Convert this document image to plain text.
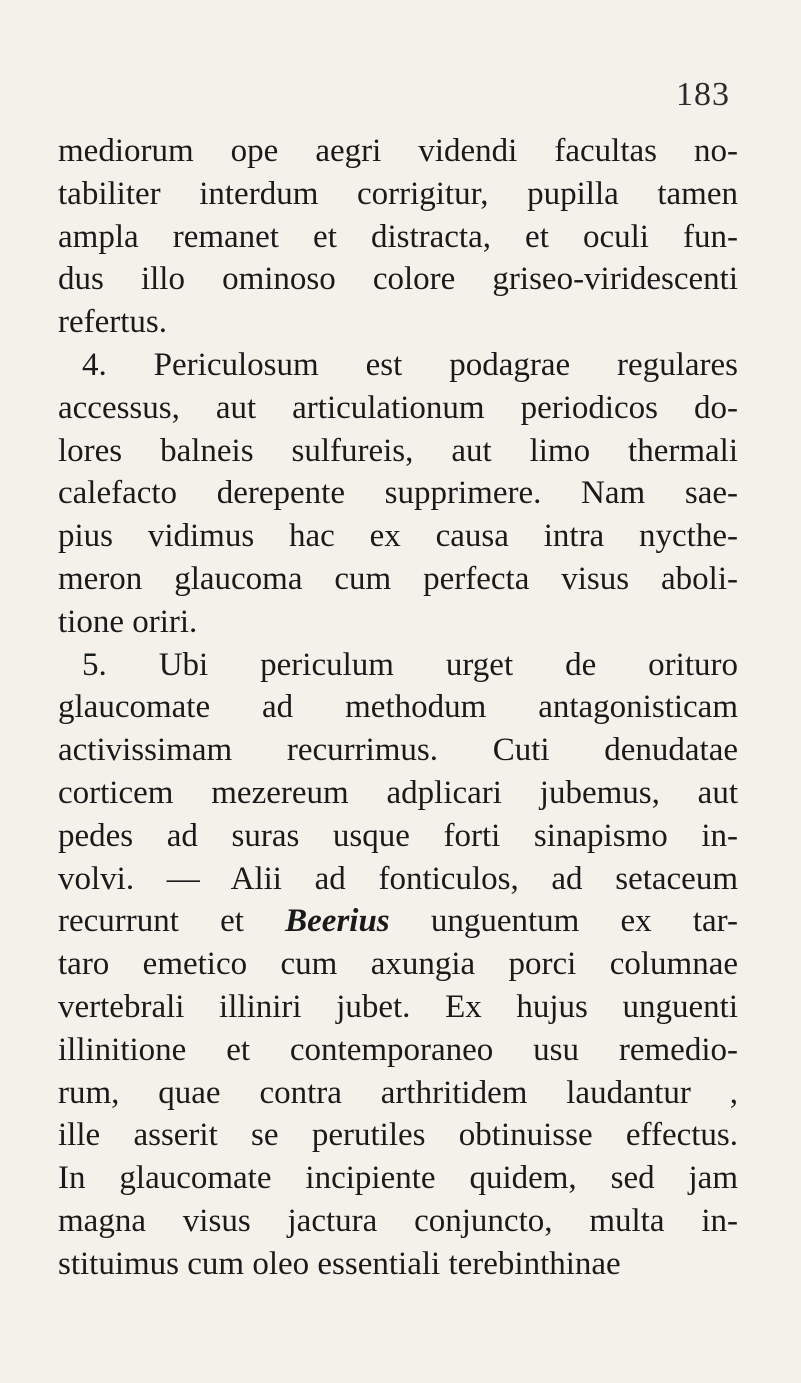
183
mediorum ope aegri videndi facultas no-
tabiliter interdum corrigitur, pupilla tamen
ampla remanet et distracta, et oculi fun-
dus illo ominoso colore griseo-viridescenti
refertus.
4. Periculosum est podagrae regulares
accessus, aut articulationum periodicos do-
lores balneis sulfureis, aut limo thermali
calefacto derepente supprimere. Nam sae-
pius vidimus hac ex causa intra nycthe-
meron glaucoma cum perfecta visus aboli-
tione oriri.
5. Ubi periculum urget de orituro
glaucomate ad methodum antagonisticam
activissimam recurrimus. Cuti denudatae
corticem mezereum adplicari jubemus, aut
pedes ad suras usque forti sinapismo in-
volvi. — Alii ad fonticulos, ad setaceum
recurrunt et Beerius unguentum ex tar-
taro emetico cum axungia porci columnae
vertebrali illiniri jubet. Ex hujus unguenti
illinitione et contemporaneo usu remedio-
rum, quae contra arthritidem laudantur ,
ille asserit se perutiles obtinuisse effectus.
In glaucomate incipiente quidem, sed jam
magna visus jactura conjuncto, multa in-
stituimus cum oleo essentiali terebinthinae
